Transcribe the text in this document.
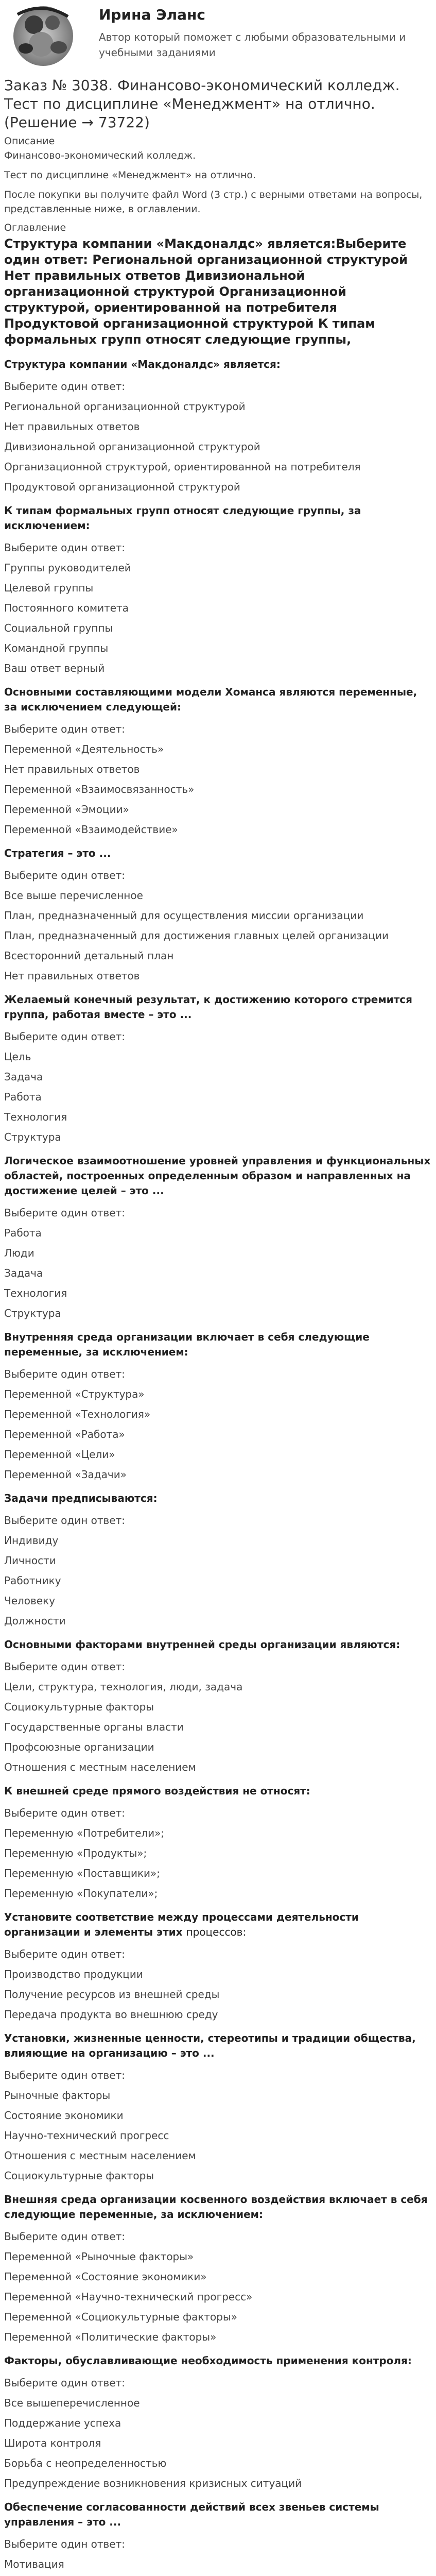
Ирина Эланс
Автор который поможет с любыми образовательными и учебными заданиями
Заказ № 3038. Финансово-экономический колледж. Тест по дисциплине «Менеджмент» на отлично. (Решение → 73722)
Описание
Финансово-экономический колледж.
Тест по дисциплине «Менеджмент» на отлично.
После покупки вы получите файл Word (3 стр.) с верными ответами на вопросы, представленные ниже, в оглавлении.
Оглавление
Структура компании «Макдоналдс» является:Выберите один ответ: Региональной организационной структурой Нет правильных ответов Дивизиональной организационной структурой Организационной структурой, ориентированной на потребителя Продуктовой организационной структурой К типам формальных групп относят следующие группы,
Структура компании «Макдоналдс» является:
Выберите один ответ:
Региональной организационной структурой
Нет правильных ответов
Дивизиональной организационной структурой
Организационной структурой, ориентированной на потребителя
Продуктовой организационной структурой
К типам формальных групп относят следующие группы, за исключением:
Выберите один ответ:
Группы руководителей
Целевой группы
Постоянного комитета
Социальной группы
Командной группы
Ваш ответ верный
Основными составляющими модели Хоманса являются переменные, за исключением следующей:
Выберите один ответ:
Переменной «Деятельность»
Нет правильных ответов
Переменной «Взаимосвязанность»
Переменной «Эмоции»
Переменной «Взаимодействие»
Стратегия – это ...
Выберите один ответ:
Все выше перечисленное
План, предназначенный для осуществления миссии организации
План, предназначенный для достижения главных целей организации
Всесторонний детальный план
Нет правильных ответов
Желаемый конечный результат, к достижению которого стремится группа, работая вместе – это ...
Выберите один ответ:
Цель
Задача
Работа
Технология
Структура
Логическое взаимоотношение уровней управления и функциональных областей, построенных определенным образом и направленных на достижение целей – это ...
Выберите один ответ:
Работа
Люди
Задача
Технология
Структура
Внутренняя среда организации включает в себя следующие переменные, за исключением:
Выберите один ответ:
Переменной «Структура»
Переменной «Технология»
Переменной «Работа»
Переменной «Цели»
Переменной «Задачи»
Задачи предписываются:
Выберите один ответ:
Индивиду
Личности
Работнику
Человеку
Должности
Основными факторами внутренней среды организации являются:
Выберите один ответ:
Цели, структура, технология, люди, задача
Социокультурные факторы
Государственные органы власти
Профсоюзные организации
Отношения с местным населением
К внешней среде прямого воздействия не относят:
Выберите один ответ:
Переменную «Потребители»;
Переменную «Продукты»;
Переменную «Поставщики»;
Переменную «Покупатели»;
Установите соответствие между процессами деятельности организации и элементы этих процессов:
Выберите один ответ:
Производство продукции
Получение ресурсов из внешней среды
Передача продукта во внешнюю среду
Установки, жизненные ценности, стереотипы и традиции общества, влияющие на организацию – это ...
Выберите один ответ:
Рыночные факторы
Состояние экономики
Научно-технический прогресс
Отношения с местным населением
Социокультурные факторы
Внешняя среда организации косвенного воздействия включает в себя следующие переменные, за исключением:
Выберите один ответ:
Переменной «Рыночные факторы»
Переменной «Состояние экономики»
Переменной «Научно-технический прогресс»
Переменной «Социокультурные факторы»
Переменной «Политические факторы»
Факторы, обуславливающие необходимость применения контроля:
Выберите один ответ:
Все вышеперечисленное
Поддержание успеха
Широта контроля
Борьба с неопределенностью
Предупреждение возникновения кризисных ситуаций
Обеспечение согласованности действий всех звеньев системы управления – это ...
Выберите один ответ:
Мотивация
